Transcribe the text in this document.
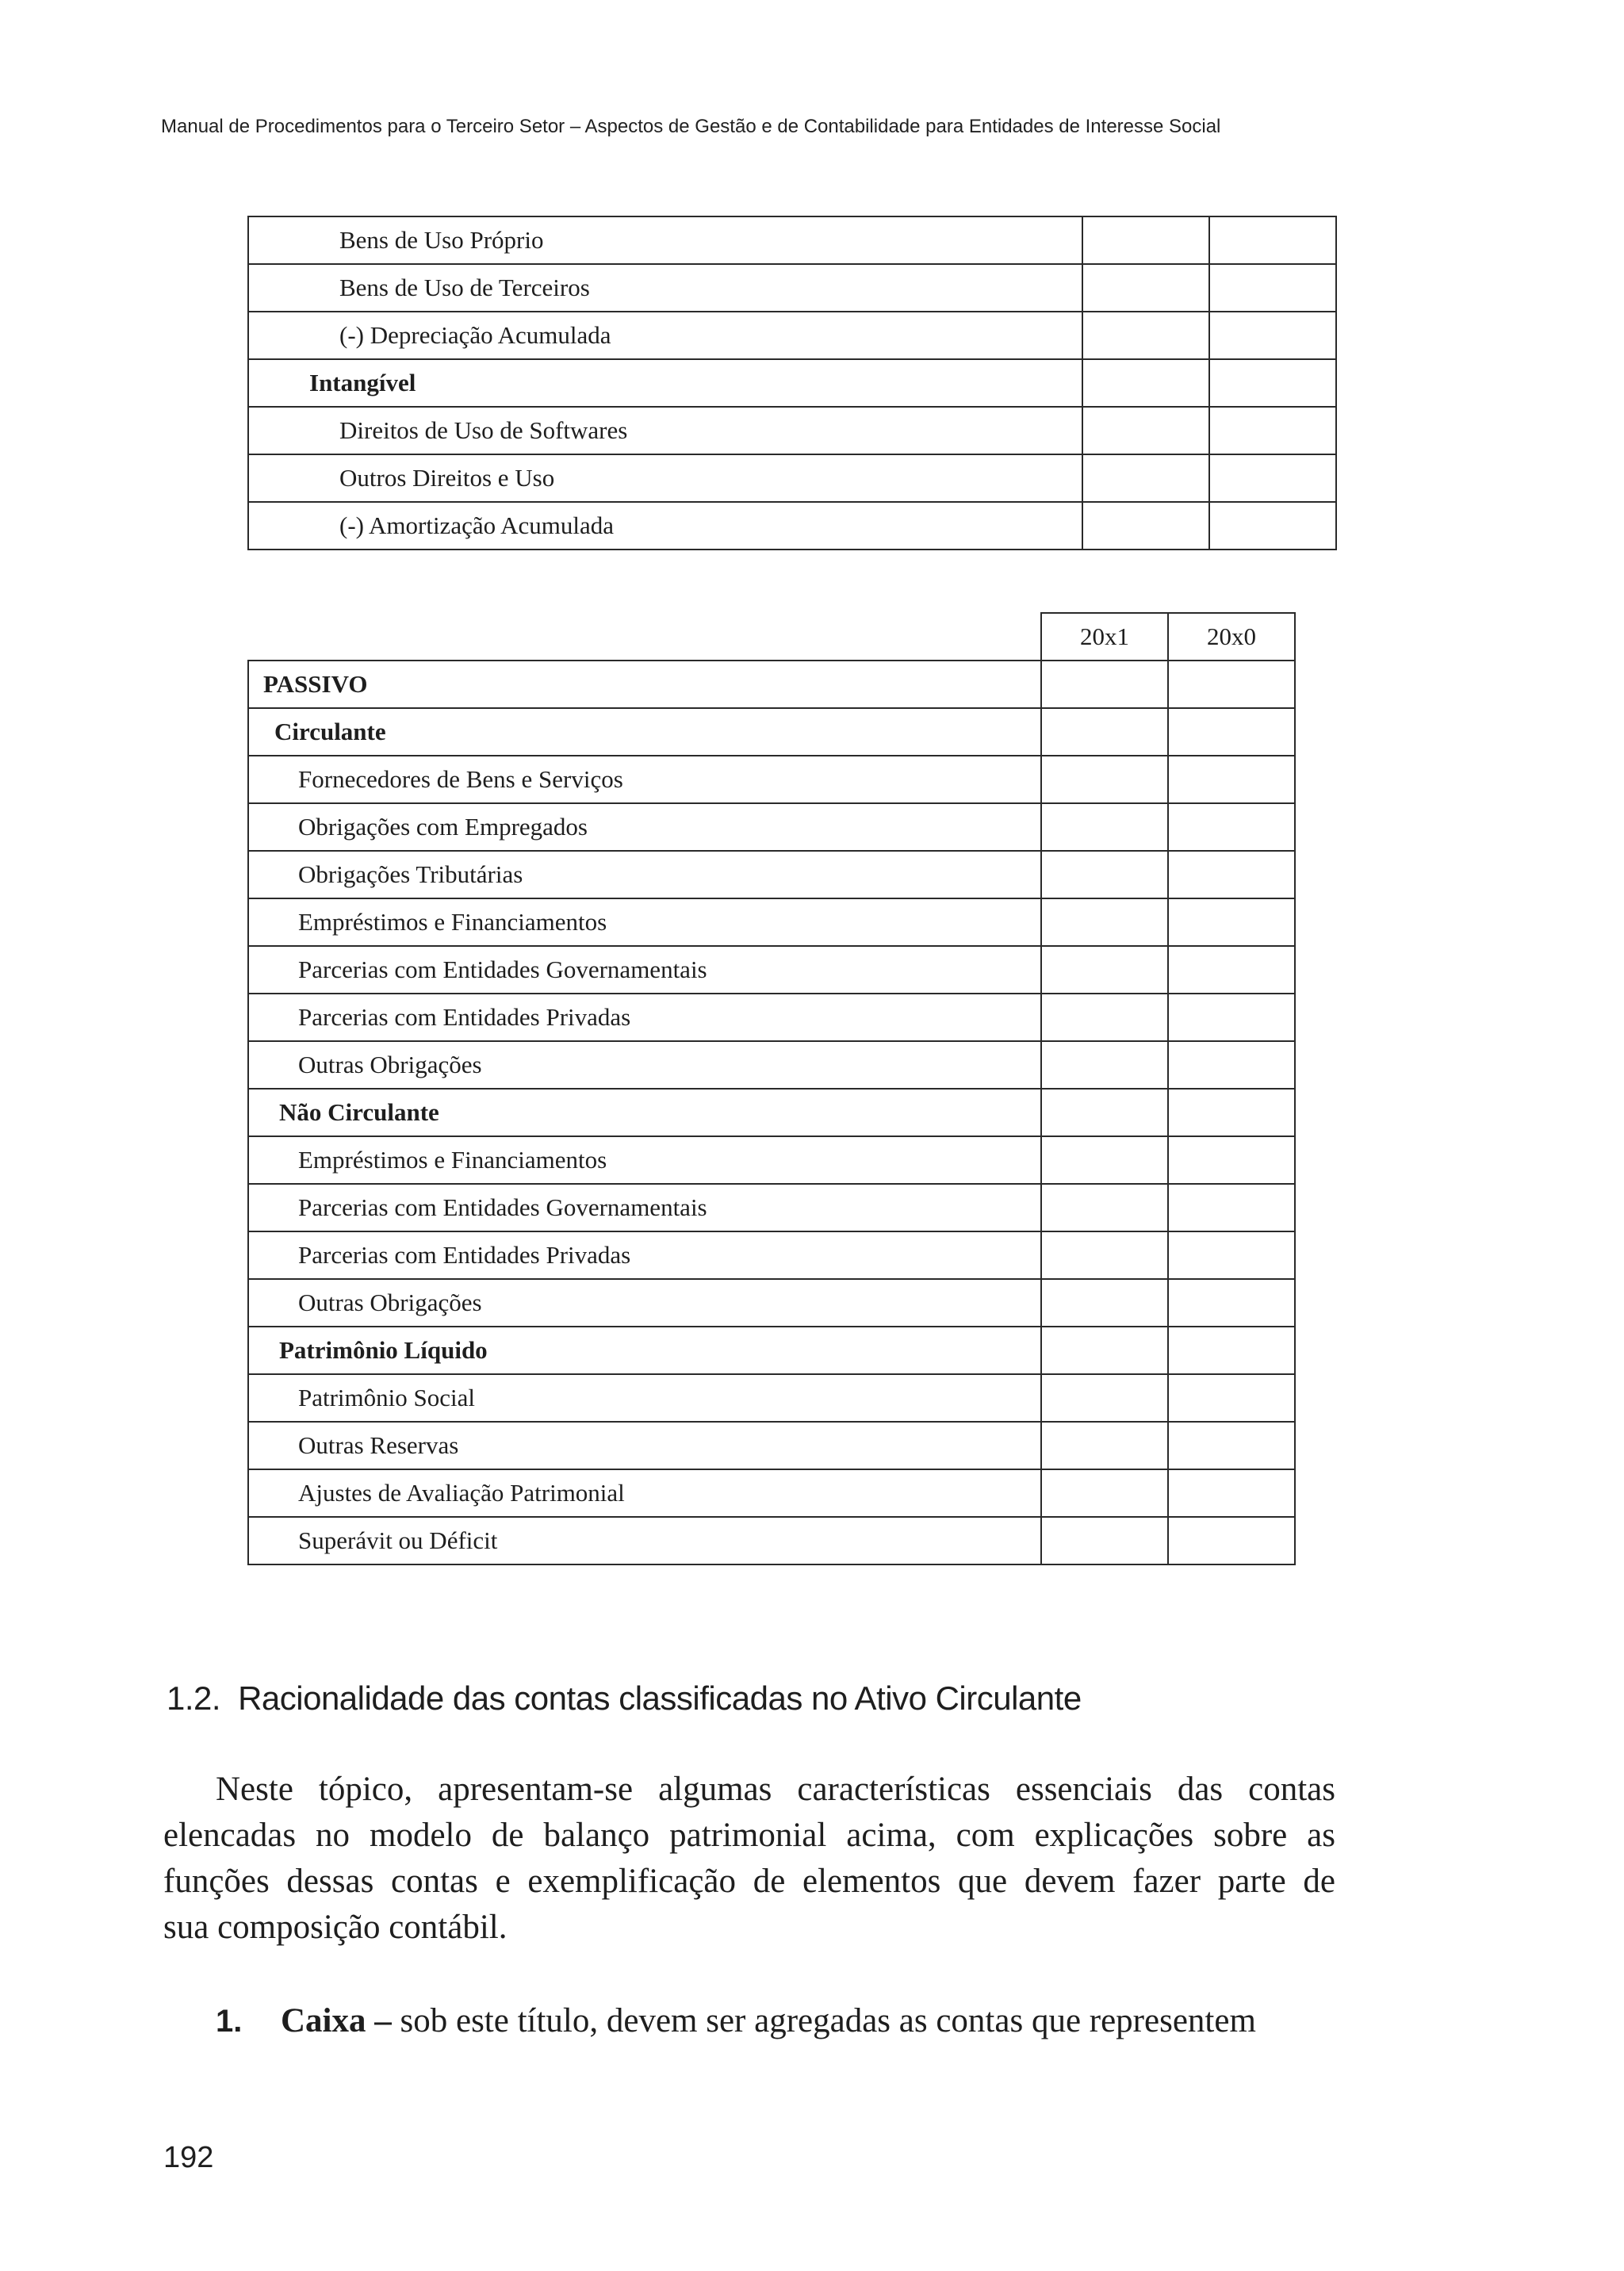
Manual de Procedimentos para o Terceiro Setor – Aspectos de Gestão e de Contabilidade para Entidades de Interesse Social
Bens de Uso Próprio		
Bens de Uso de Terceiros		
(-) Depreciação Acumulada		
Intangível		
Direitos de Uso de Softwares		
Outros Direitos e Uso		
(-) Amortização Acumulada		
	20x1	20x0
PASSIVO		
Circulante		
Fornecedores de Bens e Serviços		
Obrigações com Empregados		
Obrigações Tributárias		
Empréstimos e Financiamentos		
Parcerias com Entidades Governamentais		
Parcerias com Entidades Privadas		
Outras Obrigações		
Não Circulante		
Empréstimos e Financiamentos		
Parcerias com Entidades Governamentais		
Parcerias com Entidades Privadas		
Outras Obrigações		
Patrimônio Líquido		
Patrimônio Social		
Outras Reservas		
Ajustes de Avaliação Patrimonial		
Superávit ou Déficit		
1.2. Racionalidade das contas classificadas no Ativo Circulante
Neste tópico, apresentam-se algumas características essenciais das contas
elencadas no modelo de balanço patrimonial acima, com explicações sobre as
funções dessas contas e exemplificação de elementos que devem fazer parte de
sua composição contábil.
1. Caixa – sob este título, devem ser agregadas as contas que representem
192
